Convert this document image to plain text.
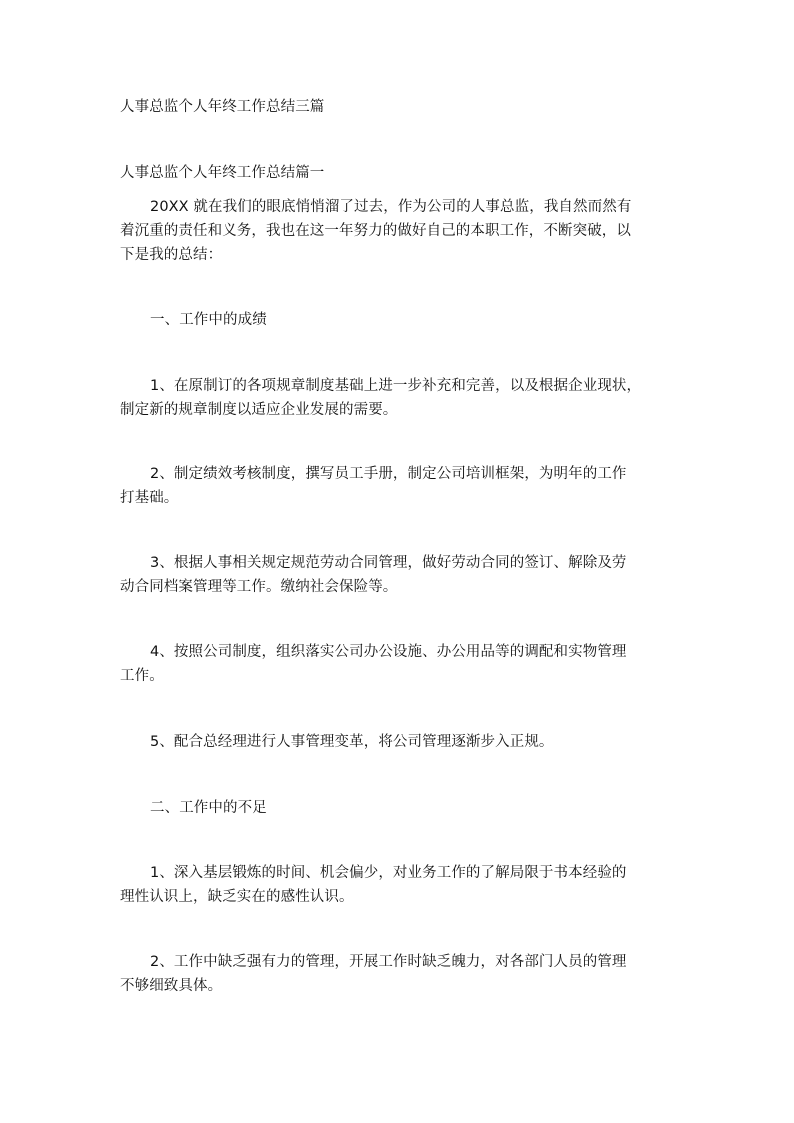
人事总监个人年终工作总结三篇
人事总监个人年终工作总结篇一
20XX 就在我们的眼底悄悄溜了过去，作为公司的人事总监，我自然而然有
着沉重的责任和义务，我也在这一年努力的做好自己的本职工作，不断突破，以
下是我的总结：
一、工作中的成绩
1、在原制订的各项规章制度基础上进一步补充和完善，以及根据企业现状，
制定新的规章制度以适应企业发展的需要。
2、制定绩效考核制度，撰写员工手册，制定公司培训框架，为明年的工作
打基础。
3、根据人事相关规定规范劳动合同管理，做好劳动合同的签订、解除及劳
动合同档案管理等工作。缴纳社会保险等。
4、按照公司制度，组织落实公司办公设施、办公用品等的调配和实物管理
工作。
5、配合总经理进行人事管理变革，将公司管理逐渐步入正规。
二、工作中的不足
1、深入基层锻炼的时间、机会偏少，对业务工作的了解局限于书本经验的
理性认识上，缺乏实在的感性认识。
2、工作中缺乏强有力的管理，开展工作时缺乏魄力，对各部门人员的管理
不够细致具体。
